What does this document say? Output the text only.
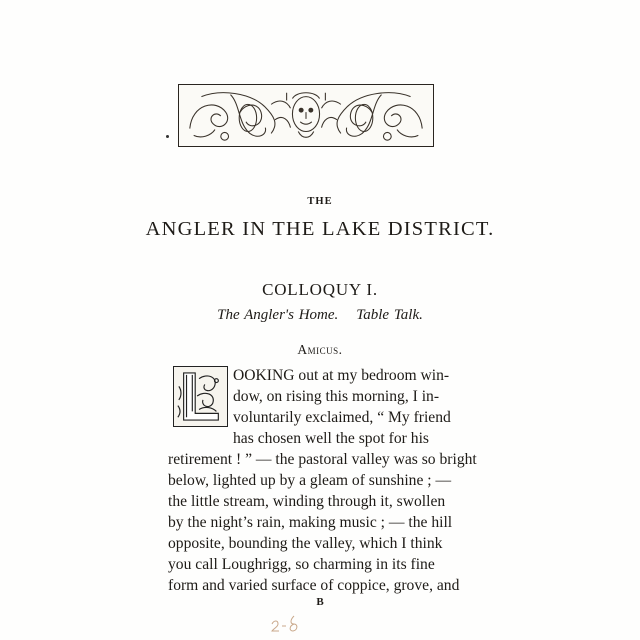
THE
ANGLER IN THE LAKE DISTRICT.
COLLOQUY I.
The Angler's Home. Table Talk.
Amicus.
OOKING out at my bedroom win-
dow, on rising this morning, I in-
voluntarily exclaimed, “ My friend
has chosen well the spot for his
retirement ! ” — the pastoral valley was so bright
below, lighted up by a gleam of sunshine ; —
the little stream, winding through it, swollen
by the night’s rain, making music ; — the hill
opposite, bounding the valley, which I think
you call Loughrigg, so charming in its fine
form and varied surface of coppice, grove, and
B
